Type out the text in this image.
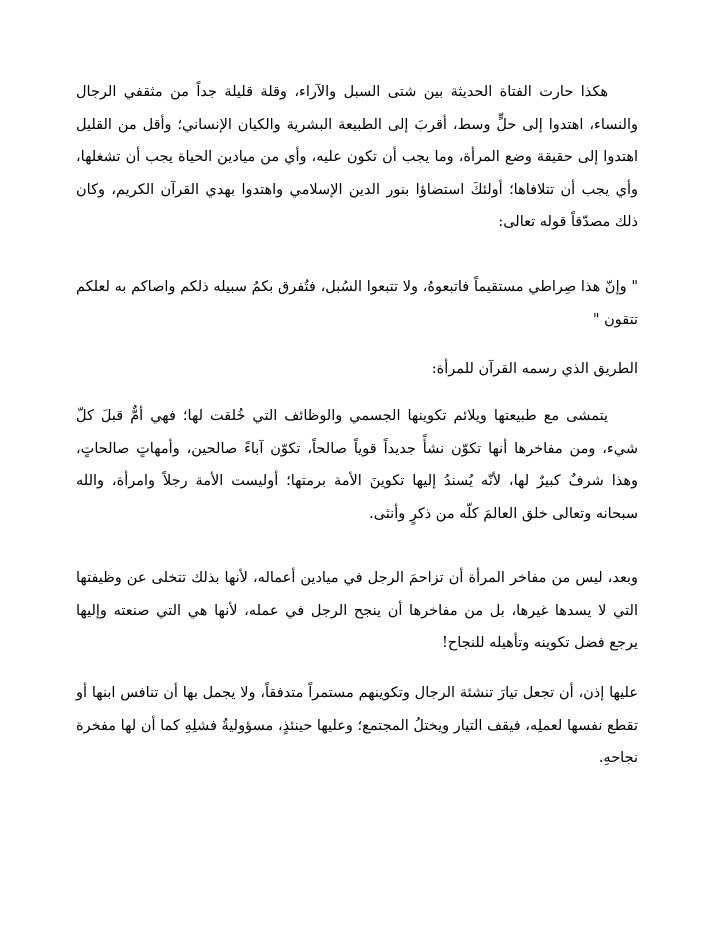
هكذا حارت الفتاة الحديثة بين شتى السبل والآراء، وقلة قليلة جداً من مثقفي الرجال والنساء، اهتدوا إلى حلٍّ وسط، أقربَ إلى الطبيعة البشرية والكيان الإنساني؛ وأقل من القليل اهتدوا إلى حقيقة وضع المرأة، وما يجب أن تكون عليه، وأي من ميادين الحياة يجب أن تشغلها، وأي يجب أن تتلافاها؛ أولئكَ استضاؤا بنور الدين الإسلامي واهتدوا بهدي القرآن الكريم، وكان ذلك مصدّقاً قوله تعالى:

" وإنّ هذا صِراطي مستقيماً فاتبعوهُ، ولا تتبعوا السُبل، فتُفرق بكمُ سبيله ذلكم واصاكم به لعلكم تتقون "

الطريق الذي رسمه القرآن للمرأة:

يتمشى مع طبيعتها ويلائم تكوينها الجسمي والوظائف التي خُلقت لها؛ فهي أمٌّ قبلَ كلّ شيء، ومن مفاخرها أنها تكوّن نشأً جديداً قوياً صالحاً، تكوّن آباءً صالحين، وأمهاتٍ صالحاتٍ، وهذا شرفٌ كبيرٌ لها، لأنّه يُسندُ إليها تكوينَ الأمة برمتها؛ أوليست الأمة رجلاً وامرأة، والله سبحانه وتعالى خلق العالمَ كلّه من ذكرٍ وأنثى.

وبعد، ليس من مفاخر المرأة أن تزاحمَ الرجل في ميادين أعماله، لأنها بذلك تتخلى عن وظيفتها التي لا يسدها غيرها، بل من مفاخرها أن ينجح الرجل في عمله، لأنها هي التي صنعته وإليها يرجع فضل تكوينه وتأهيله للنجاح!

عليها إذن، أن تجعل تيارَ تنشئة الرجال وتكوينهم مستمراً متدفقاً، ولا يجمل بها أن تنافس ابنها أو تقطع نفسها لعملِه، فيقف التيار ويختلُ المجتمع؛ وعليها حينئذٍ، مسؤوليةُ فشلِهِ كما أن لها مفخرة نجاحهِ.
